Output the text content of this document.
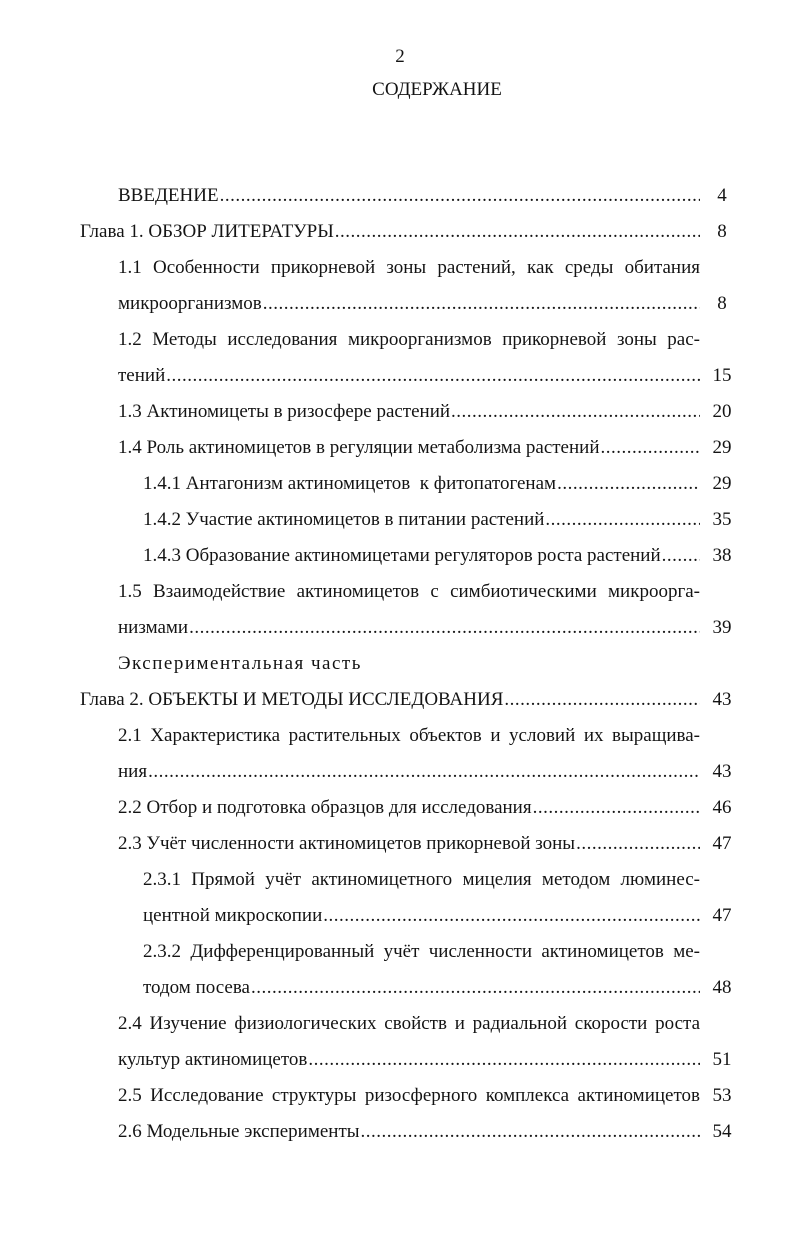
2
СОДЕРЖАНИЕ
ВВЕДЕНИЕ .....	4
Глава 1. ОБЗОР ЛИТЕРАТУРЫ .....	8
1.1 Особенности прикорневой зоны растений, как среды обитания
микроорганизмов .....	8
1.2 Методы исследования микроорганизмов прикорневой зоны рас-
тений .....	15
1.3 Актиномицеты в ризосфере растений .....	20
1.4 Роль актиномицетов в регуляции метаболизма растений .....	29
1.4.1 Антагонизм актиномицетов  к фитопатогенам .....	29
1.4.2 Участие актиномицетов в питании растений .....	35
1.4.3 Образование актиномицетами регуляторов роста растений .....	38
1.5 Взаимодействие актиномицетов с симбиотическими микроорга-
низмами .....	39
Экспериментальная часть
Глава 2. ОБЪЕКТЫ И МЕТОДЫ ИССЛЕДОВАНИЯ .....	43
2.1 Характеристика растительных объектов и условий их выращива-
ния .....	43
2.2 Отбор и подготовка образцов для исследования .....	46
2.3 Учёт численности актиномицетов прикорневой зоны .....	47
2.3.1 Прямой учёт актиномицетного мицелия методом люминес-
центной микроскопии .....	47
2.3.2 Дифференцированный учёт численности актиномицетов ме-
тодом посева .....	48
2.4 Изучение физиологических свойств и радиальной скорости роста
культур актиномицетов .....	51
2.5 Исследование структуры ризосферного комплекса актиномицетов 53
2.6 Модельные эксперименты .....	54
